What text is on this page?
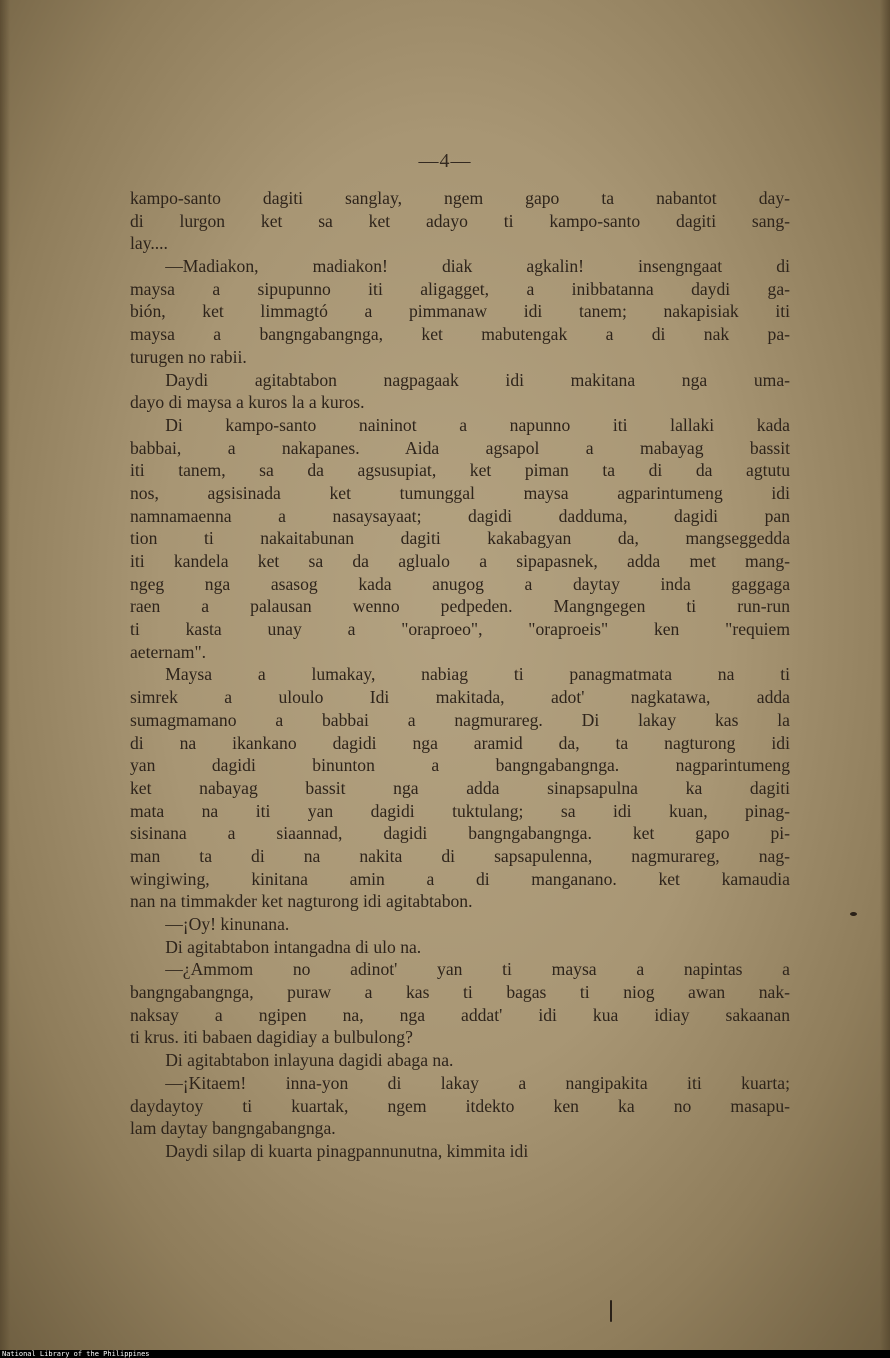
—4—
kampo-santo dagiti sanglay, ngem gapo ta nabantot day-
di lurgon ket sa ket adayo ti kampo-santo dagiti sang-
lay....
  —Madiakon, madiakon! diak agkalin! insengngaat di
maysa a sipupunno iti aligagget, a inibbatanna daydi ga-
bión, ket limmagtó a pimmanaw idi tanem; nakapisiak iti
maysa a bangngabangnga, ket mabutengak a di nak pa-
turugen no rabii.
  Daydi agitabtabon nagpagaak idi makitana nga uma-
dayo di maysa a kuros la a kuros.
  Di kampo-santo naininot a napunno iti lallaki kada
babbai, a nakapanes. Aida agsapol a mabayag bassit
iti tanem, sa da agsusupiat, ket piman ta di da agtutu
nos, agsisinada ket tumunggal maysa agparintumeng idi
namnamaenna a nasaysayaat; dagidi dadduma, dagidi pan
tion ti nakaitabunan dagiti kakabagyan da, mangseggedda
iti kandela ket sa da aglualo a sipapasnek, adda met mang-
ngeg nga asasog kada anugog a daytay inda gaggaga
raen a palausan wenno pedpeden. Mangngegen ti run-run
ti kasta unay a "oraproeo", "oraproeis" ken "requiem
aeternam".
  Maysa a lumakay, nabiag ti panagmatmata na ti
simrek a uloulo Idi makitada, adot' nagkatawa, adda
sumagmamano a babbai a nagmurareg. Di lakay kas la
di na ikankano dagidi nga aramid da, ta nagturong idi
yan dagidi binunton a bangngabangnga. nagparintumeng
ket nabayag bassit nga adda sinapsapulna ka dagiti
mata na iti yan dagidi tuktulang; sa idi kuan, pinag-
sisinana a siaannad, dagidi bangngabangnga. ket gapo pi-
man ta di na nakita di sapsapulenna, nagmurareg, nag-
wingiwing, kinitana amin a di manganano. ket kamaudia
nan na timmakder ket nagturong idi agitabtabon.
  —¡Oy! kinunana.
  Di agitabtabon intangadna di ulo na.
  —¿Ammom no adinot' yan ti maysa a napintas a
bangngabangnga, puraw a kas ti bagas ti niog awan nak-
naksay a ngipen na, nga addat' idi kua idiay sakaanan
ti krus. iti babaen dagidiay a bulbulong?
  Di agitabtabon inlayuna dagidi abaga na.
  —¡Kitaem! inna-yon di lakay a nangipakita iti kuarta;
daydaytoy ti kuartak, ngem itdekto ken ka no masapu-
lam daytay bangngabangnga.
  Daydi silap di kuarta pinagpannunutna, kimmita idi
National Library of the Philippines
